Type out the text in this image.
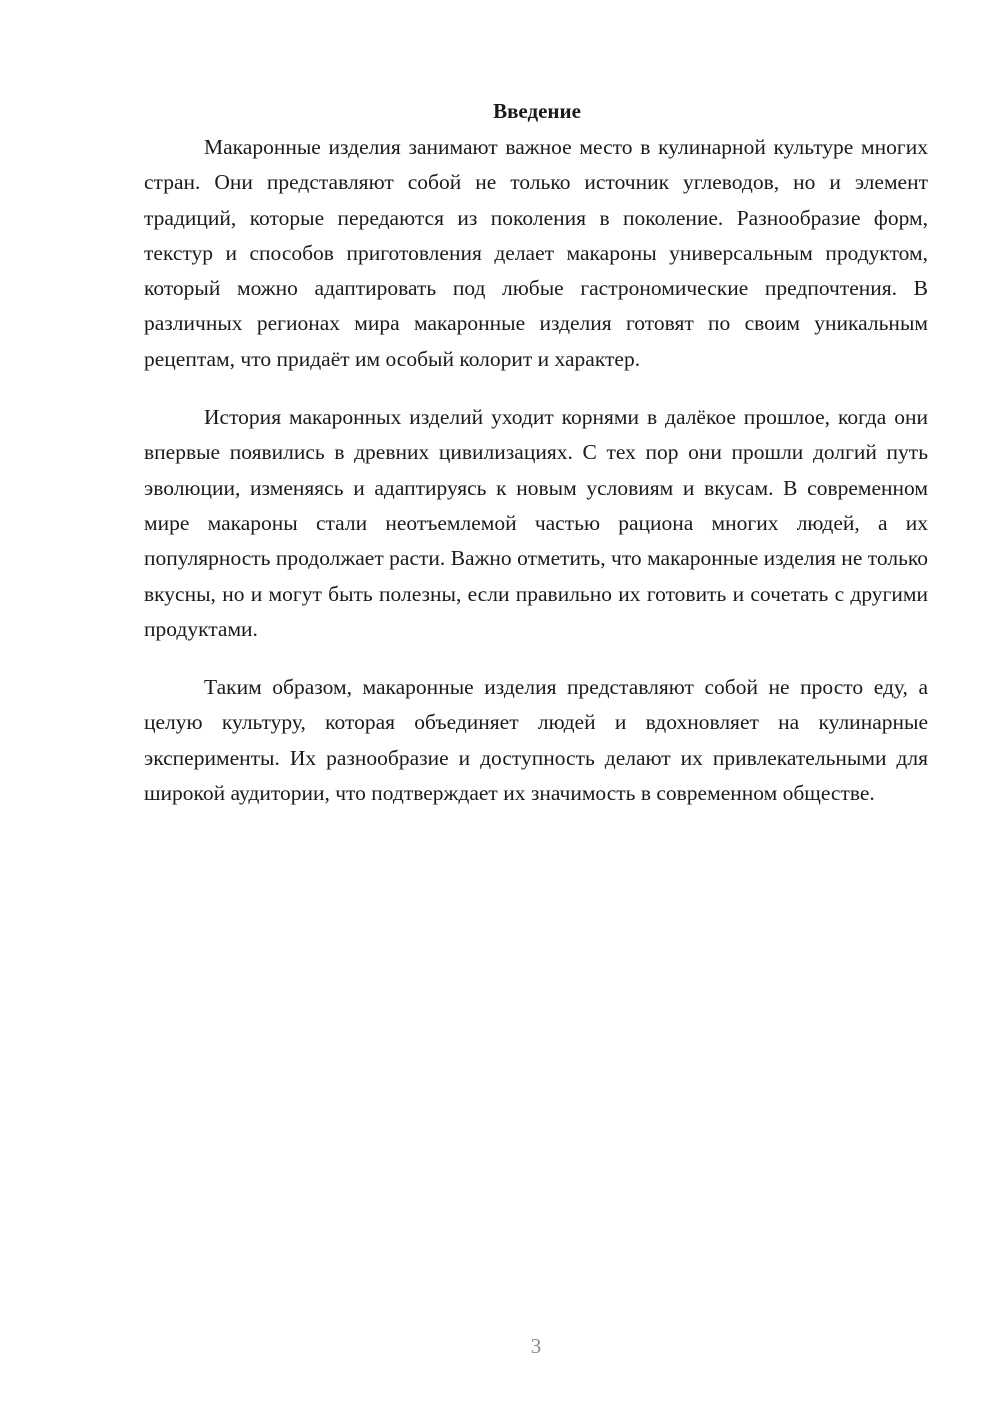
Введение

Макаронные изделия занимают важное место в кулинарной культуре многих стран. Они представляют собой не только источник углеводов, но и элемент традиций, которые передаются из поколения в поколение. Разнообразие форм, текстур и способов приготовления делает макароны универсальным продуктом, который можно адаптировать под любые гастрономические предпочтения. В различных регионах мира макаронные изделия готовят по своим уникальным рецептам, что придаёт им особый колорит и характер.

История макаронных изделий уходит корнями в далёкое прошлое, когда они впервые появились в древних цивилизациях. С тех пор они прошли долгий путь эволюции, изменяясь и адаптируясь к новым условиям и вкусам. В современном мире макароны стали неотъемлемой частью рациона многих людей, а их популярность продолжает расти. Важно отметить, что макаронные изделия не только вкусны, но и могут быть полезны, если правильно их готовить и сочетать с другими продуктами.

Таким образом, макаронные изделия представляют собой не просто еду, а целую культуру, которая объединяет людей и вдохновляет на кулинарные эксперименты. Их разнообразие и доступность делают их привлекательными для широкой аудитории, что подтверждает их значимость в современном обществе.

3
